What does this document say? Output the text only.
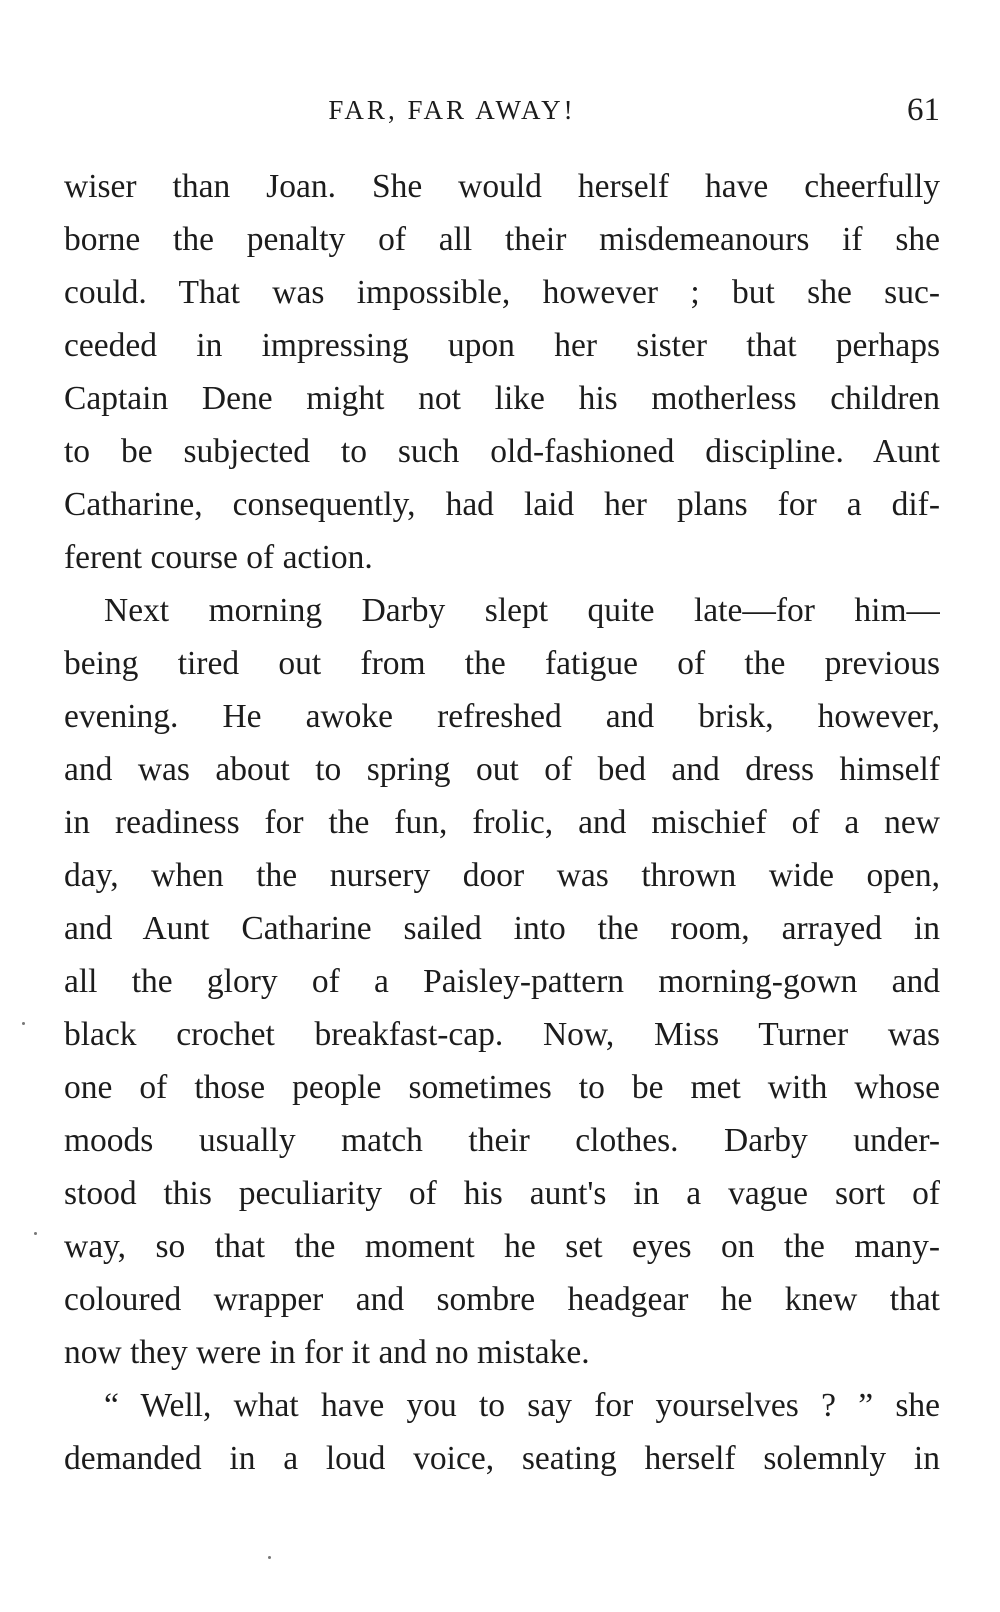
FAR, FAR AWAY!	61
wiser than Joan. She would herself have cheerfully
borne the penalty of all their misdemeanours if she
could. That was impossible, however ; but she suc-
ceeded in impressing upon her sister that perhaps
Captain Dene might not like his motherless children
to be subjected to such old-fashioned discipline. Aunt
Catharine, consequently, had laid her plans for a dif-
ferent course of action.
Next morning Darby slept quite late—for him—
being tired out from the fatigue of the previous
evening. He awoke refreshed and brisk, however,
and was about to spring out of bed and dress himself
in readiness for the fun, frolic, and mischief of a new
day, when the nursery door was thrown wide open,
and Aunt Catharine sailed into the room, arrayed in
all the glory of a Paisley-pattern morning-gown and
black crochet breakfast-cap. Now, Miss Turner was
one of those people sometimes to be met with whose
moods usually match their clothes. Darby under-
stood this peculiarity of his aunt's in a vague sort of
way, so that the moment he set eyes on the many-
coloured wrapper and sombre headgear he knew that
now they were in for it and no mistake.
“ Well, what have you to say for yourselves ? ” she
demanded in a loud voice, seating herself solemnly in
